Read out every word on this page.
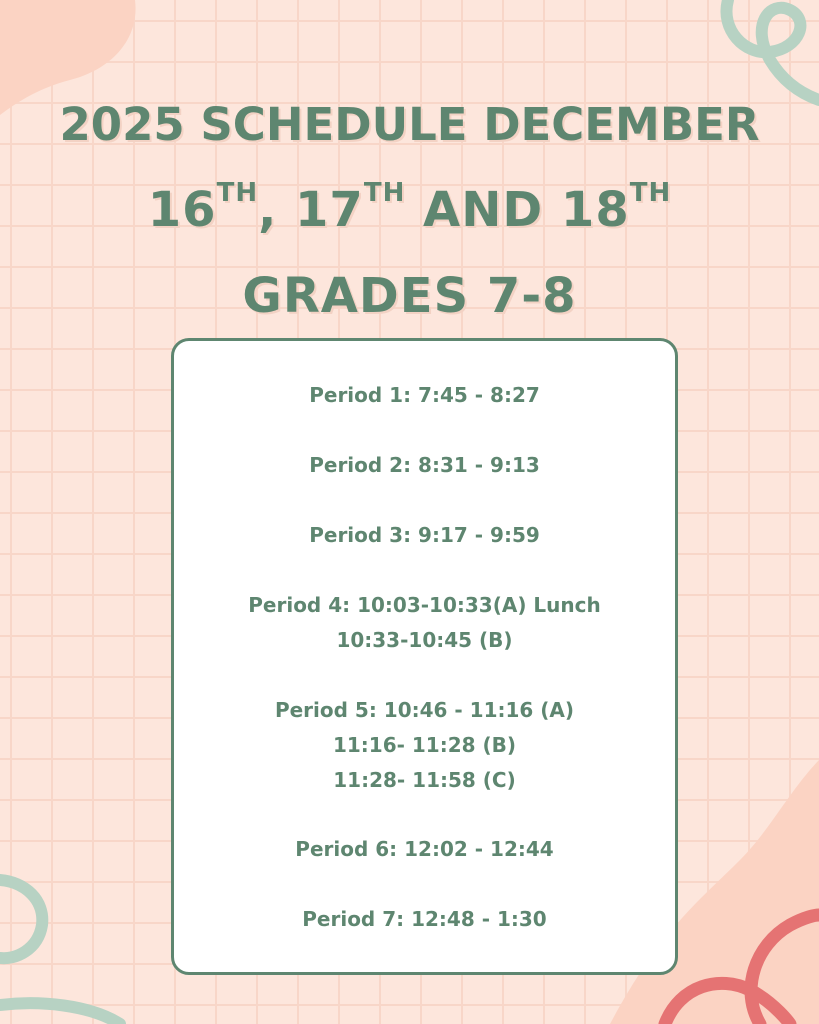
2025 SCHEDULE DECEMBER
16TH, 17TH AND 18TH
GRADES 7-8
Period 1: 7:45 - 8:27
Period 2: 8:31 - 9:13
Period 3: 9:17 - 9:59
Period 4: 10:03-10:33(A) Lunch
10:33-10:45 (B)
Period 5: 10:46 - 11:16 (A)
11:16- 11:28 (B)
11:28- 11:58 (C)
Period 6: 12:02 - 12:44
Period 7: 12:48 - 1:30
